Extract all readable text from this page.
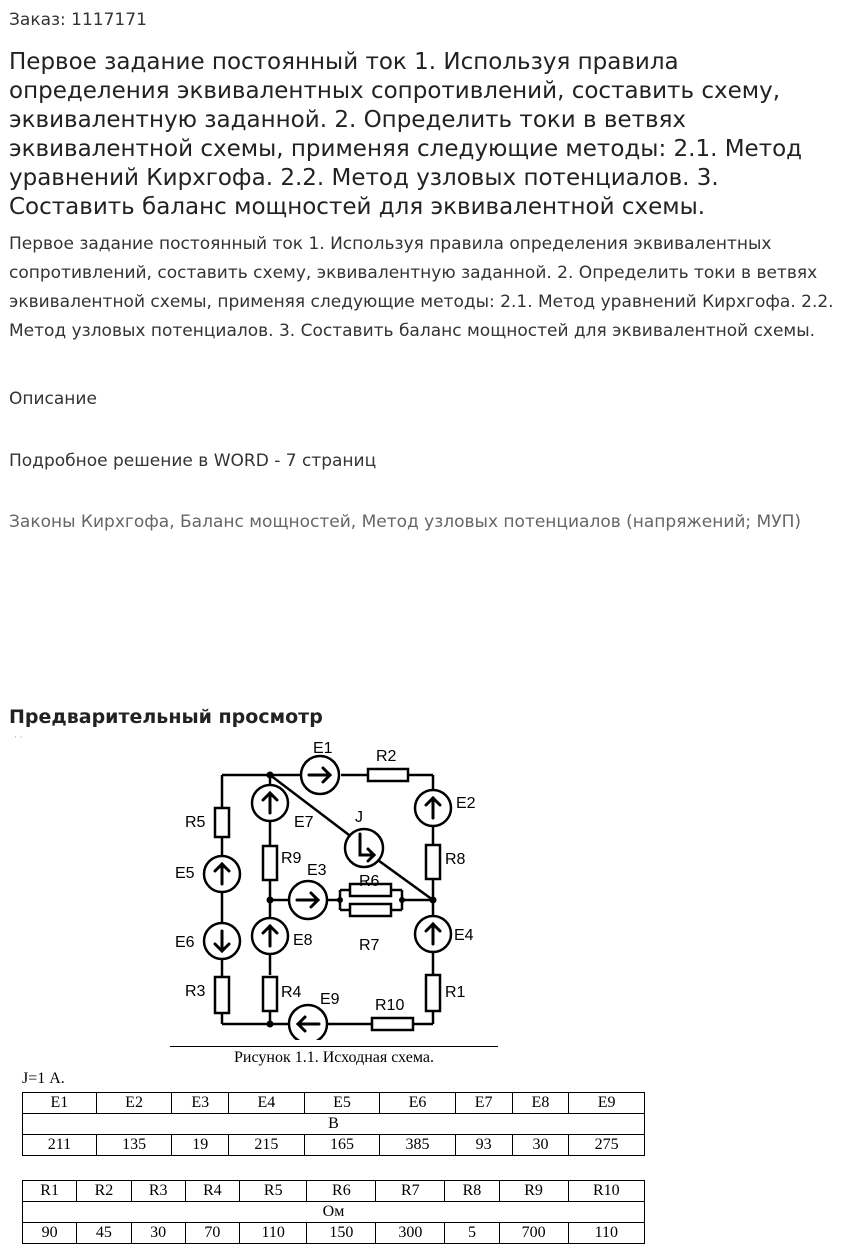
Заказ: 1117171
Первое задание постоянный ток 1. Используя правила определения эквивалентных сопротивлений, составить схему, эквивалентную заданной. 2. Определить токи в ветвях эквивалентной схемы, применяя следующие методы: 2.1. Метод уравнений Кирхгофа. 2.2. Метод узловых потенциалов. 3. Составить баланс мощностей для эквивалентной схемы.

Первое задание постоянный ток 1. Используя правила определения эквивалентных сопротивлений, составить схему, эквивалентную заданной. 2. Определить токи в ветвях эквивалентной схемы, применяя следующие методы: 2.1. Метод уравнений Кирхгофа. 2.2. Метод узловых потенциалов. 3. Составить баланс мощностей для эквивалентной схемы.

Описание
Подробное решение в WORD - 7 страниц
Законы Кирхгофа, Баланс мощностей, Метод узловых потенциалов (напряжений; МУП)
Предварительный просмотр
· ·
E1	R2
E2
R5	E7	J
R9	R8
E5	E3
R6
E4
E8
E6	R7
R3	R4	R1
E9 R10
Рисунок 1.1. Исходная схема.
J=1 А.
E1	E2	E3	E4	E5	E6	E7	E8	E9
В								
211	135	19	215	165	385	93	30	275
R1	R2	R3	R4	R5	R6	R7	R8	R9	R10
Ом									
90	45	30	70	110	150	300	5	700	110
